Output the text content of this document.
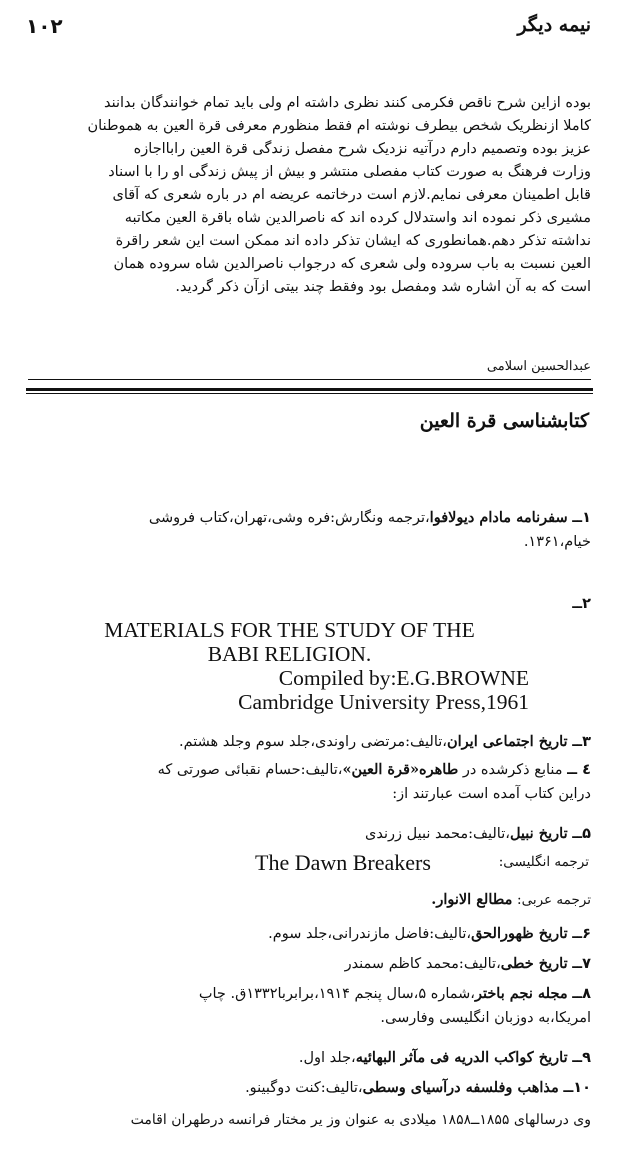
۱۰۲	نیمه دیگر
بوده ازاین شرح ناقص فکرمی کنند نظری داشته ام ولی باید تمام خوانندگان بدانند
کاملا ازنظریک شخص بیطرف نوشته ام فقط منظورم معرفی قرة العین به هموطنان
عزیز بوده وتصمیم دارم درآتیه نزدیک شرح مفصل زندگی قرة العین رابااجازه
وزارت فرهنگ به صورت کتاب مفصلی منتشر و بیش از پیش زندگی او را با اسناد
قابل اطمینان معرفی نمایم.لازم است درخاتمه عریضه ام در باره شعری که آقای
مشیری ذکر نموده اند واستدلال کرده اند که ناصرالدین شاه باقرة العین مکاتبه
نداشته تذکر دهم.همانطوری که ایشان تذکر داده اند ممکن است این شعر راقرة
العین نسبت به باب سروده ولی شعری که درجواب ناصرالدین شاه سروده همان
است که به آن اشاره شد ومفصل بود وفقط چند بیتی ازآن ذکر گردید.
عبدالحسین اسلامی
کتابشناسی قرة العین
۱ــ سفرنامه مادام دیولافوا،ترجمه ونگارش:فره وشی،تهران،کتاب فروشی
خیام،۱۳۶۱.
۲ــ
MATERIALS FOR THE STUDY OF THE
BABI RELIGION.
Compiled by:E.G.BROWNE
Cambridge University Press,1961
۳ــ تاریخ اجتماعی ایران،تالیف:مرتضی راوندی،جلد سوم وجلد هشتم.
٤ ــ منابع ذکرشده در طاهره«قرة العین»،تالیف:حسام نقبائی صورتی که
دراین کتاب آمده است عبارتند از:
۵ــ تاریخ نبیل،تالیف:محمد نبیل زرندی
ترجمه انگلیسی:
The Dawn Breakers
ترجمه عربی: مطالع الانوار.
۶ــ تاریخ ظهورالحق،تالیف:فاضل مازندرانی،جلد سوم.
۷ــ تاریخ خطی،تالیف:محمد کاظم سمندر
۸ــ مجله نجم باختر،شماره ۵،سال پنجم ۱۹۱۴،برابربا۱۳۳۲ق. چاپ
امریکا،به دوزبان انگلیسی وفارسی.
۹ــ تاریخ کواکب الدریه فی مآثر البهائیه،جلد اول.
۱۰ــ مذاهب وفلسفه درآسیای وسطی،تالیف:کنت دوگبینو.
وی درسالهای ۱۸۵۵ــ۱۸۵۸ میلادی به عنوان وز یر مختار فرانسه درطهران اقامت
